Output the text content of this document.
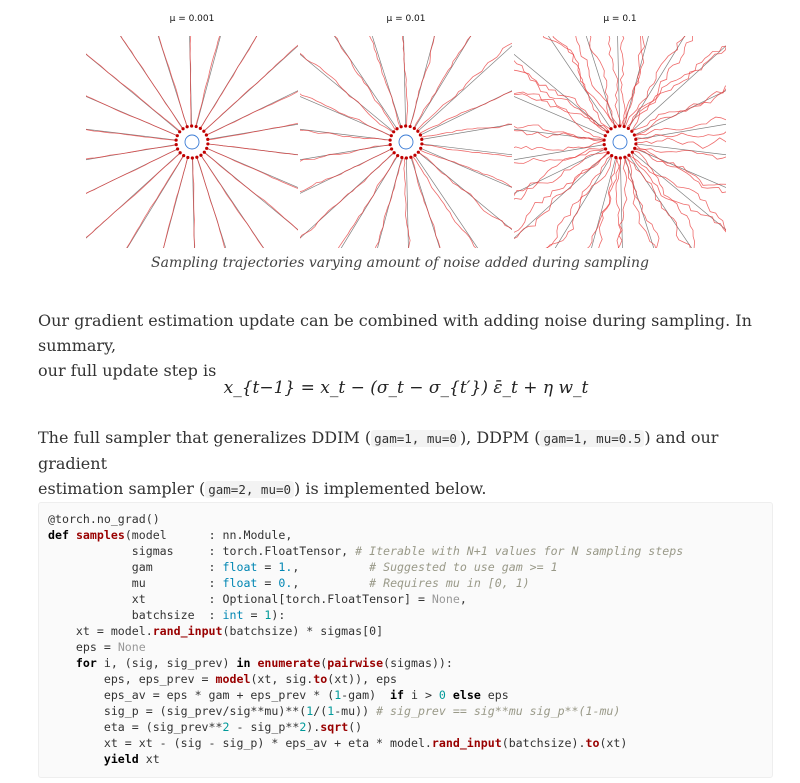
μ = 0.001	μ = 0.01	μ = 0.1
Sampling trajectories varying amount of noise added during sampling
Our gradient estimation update can be combined with adding noise during sampling. In summary,
our full update step is
x_{t−1} = x_t − (σ_t − σ_{t′}) ε̄_t + η w_t
The full sampler that generalizes DDIM ( gam=1, mu=0 ), DDPM ( gam=1, mu=0.5 ) and our gradient
estimation sampler ( gam=2, mu=0 ) is implemented below.
@torch.no_grad()
def samples(model      : nn.Module,
sigmas     : torch.FloatTensor, # Iterable with N+1 values for N sampling steps
gam        : float = 1.,          # Suggested to use gam >= 1
mu         : float = 0.,          # Requires mu in [0, 1)
xt         : Optional[torch.FloatTensor] = None,
batchsize  : int = 1):
xt = model.rand_input(batchsize) * sigmas[0]
eps = None
for i, (sig, sig_prev) in enumerate(pairwise(sigmas)):
eps, eps_prev = model(xt, sig.to(xt)), eps
eps_av = eps * gam + eps_prev * (1-gam)  if i > 0 else eps
sig_p = (sig_prev/sig**mu)**(1/(1-mu)) # sig_prev == sig**mu sig_p**(1-mu)
eta = (sig_prev**2 - sig_p**2).sqrt()
xt = xt - (sig - sig_p) * eps_av + eta * model.rand_input(batchsize).to(xt)
yield xt
